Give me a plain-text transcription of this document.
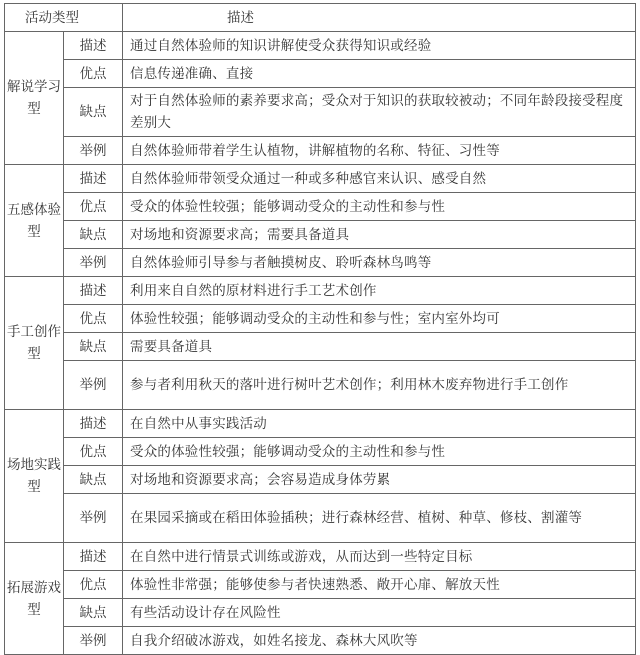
活动类型		描述
解说学习型	描述	通过自然体验师的知识讲解使受众获得知识或经验
	优点	信息传递准确、直接
	缺点	对于自然体验师的素养要求高；受众对于知识的获取较被动；不同年龄段接受程度差别大
	举例	自然体验师带着学生认植物，讲解植物的名称、特征、习性等
五感体验型	描述	自然体验师带领受众通过一种或多种感官来认识、感受自然
	优点	受众的体验性较强；能够调动受众的主动性和参与性
	缺点	对场地和资源要求高；需要具备道具
	举例	自然体验师引导参与者触摸树皮、聆听森林鸟鸣等
手工创作型	描述	利用来自自然的原材料进行手工艺术创作
	优点	体验性较强；能够调动受众的主动性和参与性；室内室外均可
	缺点	需要具备道具
	举例	参与者利用秋天的落叶进行树叶艺术创作；利用林木废弃物进行手工创作
场地实践型	描述	在自然中从事实践活动
	优点	受众的体验性较强；能够调动受众的主动性和参与性
	缺点	对场地和资源要求高；会容易造成身体劳累
	举例	在果园采摘或在稻田体验插秧；进行森林经营、植树、种草、修枝、割灌等
拓展游戏型	描述	在自然中进行情景式训练或游戏，从而达到一些特定目标
	优点	体验性非常强；能够使参与者快速熟悉、敞开心扉、解放天性
	缺点	有些活动设计存在风险性
	举例	自我介绍破冰游戏，如姓名接龙、森林大风吹等
